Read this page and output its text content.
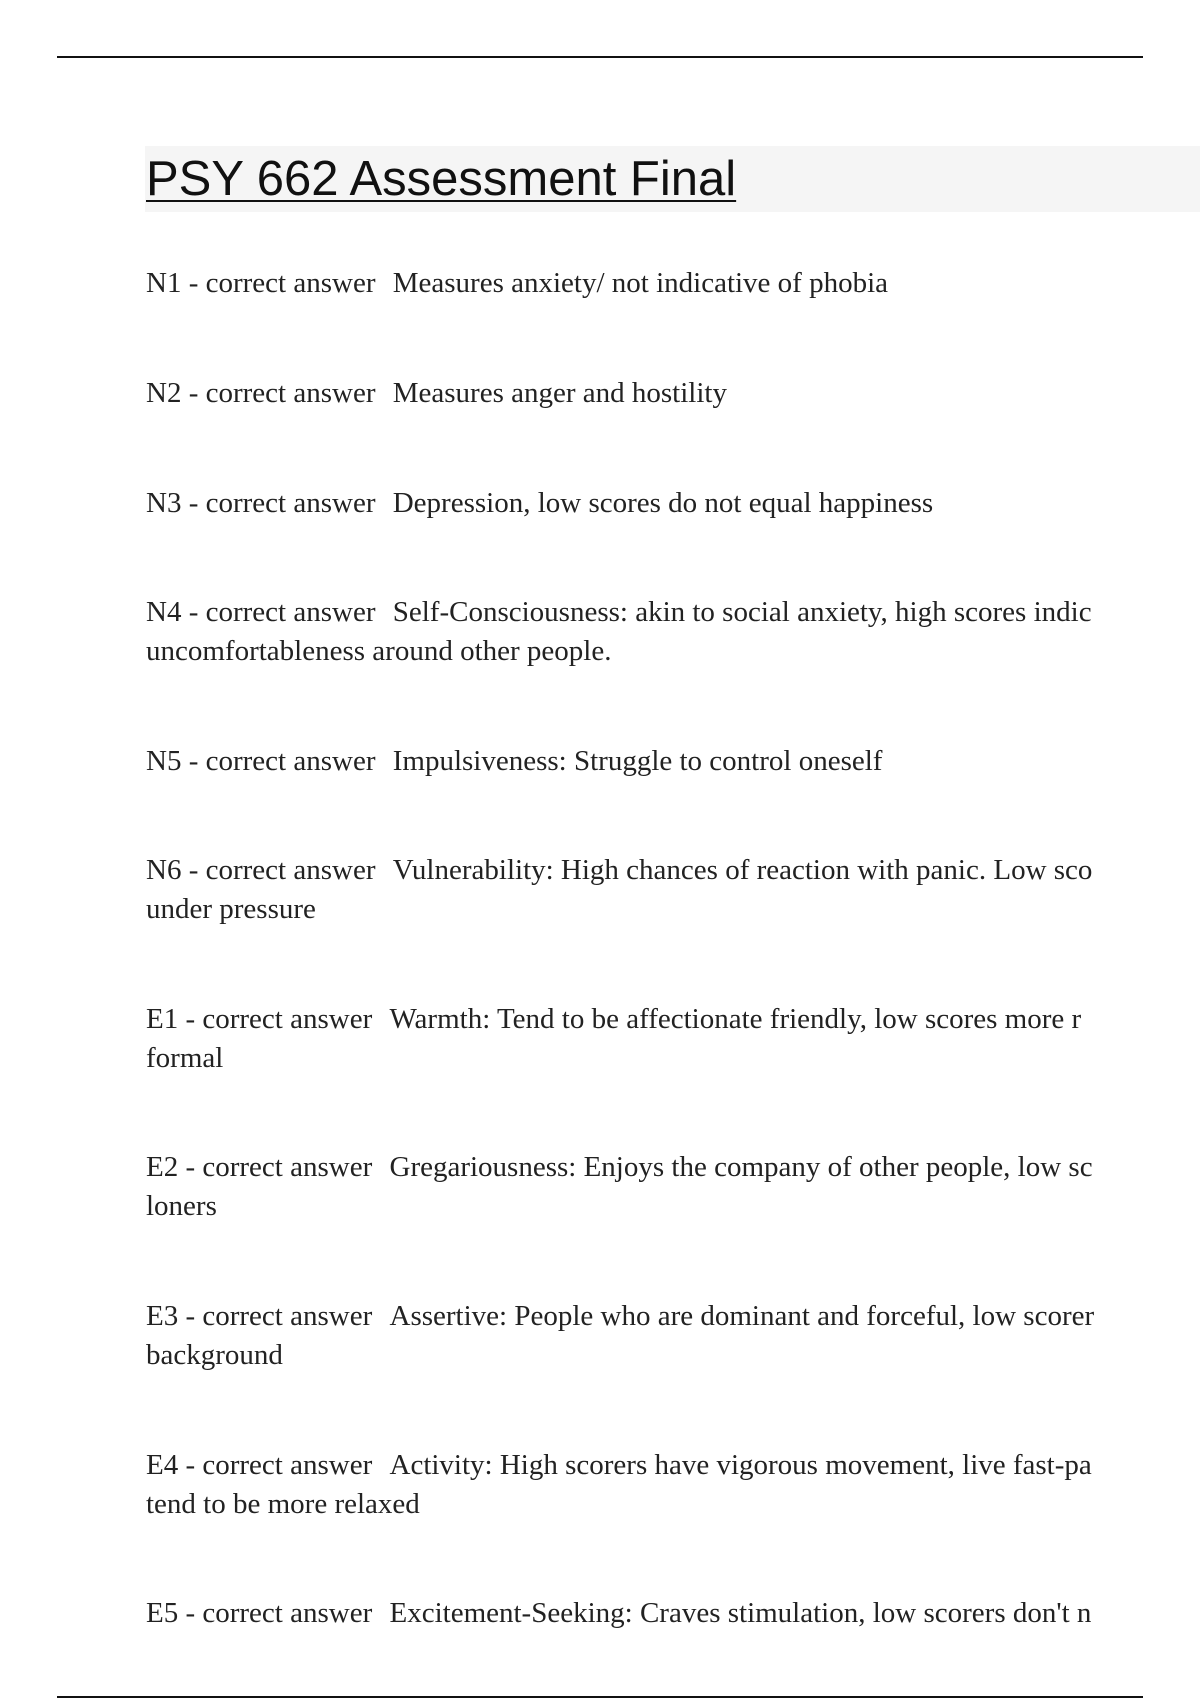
PSY 662 Assessment Final
N1 - correct answer Measures anxiety/ not indicative of phobia
N2 - correct answer Measures anger and hostility
N3 - correct answer Depression, low scores do not equal happiness
N4 - correct answer Self-Consciousness: akin to social anxiety, high scores indic
uncomfortableness around other people.
N5 - correct answer Impulsiveness: Struggle to control oneself
N6 - correct answer Vulnerability: High chances of reaction with panic. Low sco
under pressure
E1 - correct answer Warmth: Tend to be affectionate friendly, low scores more r
formal
E2 - correct answer Gregariousness: Enjoys the company of other people, low sc
loners
E3 - correct answer Assertive: People who are dominant and forceful, low scorer
background
E4 - correct answer Activity: High scorers have vigorous movement, live fast-pa
tend to be more relaxed
E5 - correct answer Excitement-Seeking: Craves stimulation, low scorers don't n
